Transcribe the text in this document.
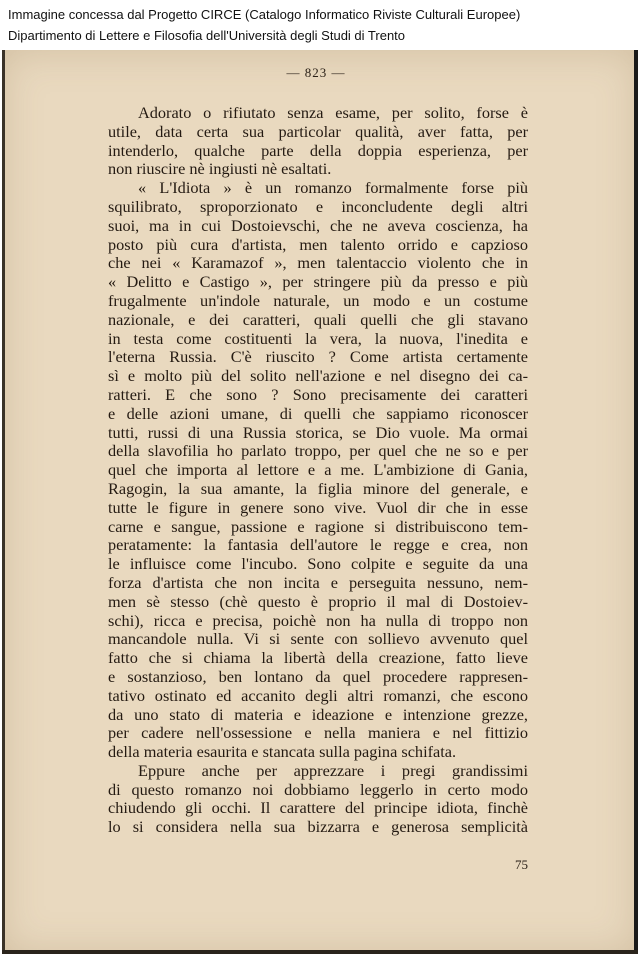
Immagine concessa dal Progetto CIRCE (Catalogo Informatico Riviste Culturali Europee)
Dipartimento di Lettere e Filosofia dell'Università degli Studi di Trento
— 823 —
Adorato o rifiutato senza esame, per solito, forse è
utile, data certa sua particolar qualità, aver fatta, per
intenderlo, qualche parte della doppia esperienza, per
non riuscire nè ingiusti nè esaltati.
« L'Idiota » è un romanzo formalmente forse più
squilibrato, sproporzionato e inconcludente degli altri
suoi, ma in cui Dostoievschi, che ne aveva coscienza, ha
posto più cura d'artista, men talento orrido e capzioso
che nei « Karamazof », men talentaccio violento che in
« Delitto e Castigo », per stringere più da presso e più
frugalmente un'indole naturale, un modo e un costume
nazionale, e dei caratteri, quali quelli che gli stavano
in testa come costituenti la vera, la nuova, l'inedita e
l'eterna Russia. C'è riuscito ? Come artista certamente
sì e molto più del solito nell'azione e nel disegno dei ca-
ratteri. E che sono ? Sono precisamente dei caratteri
e delle azioni umane, di quelli che sappiamo riconoscer
tutti, russi di una Russia storica, se Dio vuole. Ma ormai
della slavofilia ho parlato troppo, per quel che ne so e per
quel che importa al lettore e a me. L'ambizione di Gania,
Ragogin, la sua amante, la figlia minore del generale, e
tutte le figure in genere sono vive. Vuol dir che in esse
carne e sangue, passione e ragione si distribuiscono tem-
peratamente: la fantasia dell'autore le regge e crea, non
le influisce come l'incubo. Sono colpite e seguite da una
forza d'artista che non incita e perseguita nessuno, nem-
men sè stesso (chè questo è proprio il mal di Dostoiev-
schi), ricca e precisa, poichè non ha nulla di troppo non
mancandole nulla. Vi si sente con sollievo avvenuto quel
fatto che si chiama la libertà della creazione, fatto lieve
e sostanzioso, ben lontano da quel procedere rappresen-
tativo ostinato ed accanito degli altri romanzi, che escono
da uno stato di materia e ideazione e intenzione grezze,
per cadere nell'ossessione e nella maniera e nel fittizio
della materia esaurita e stancata sulla pagina schifata.
Eppure anche per apprezzare i pregi grandissimi
di questo romanzo noi dobbiamo leggerlo in certo modo
chiudendo gli occhi. Il carattere del principe idiota, finchè
lo si considera nella sua bizzarra e generosa semplicità
75
